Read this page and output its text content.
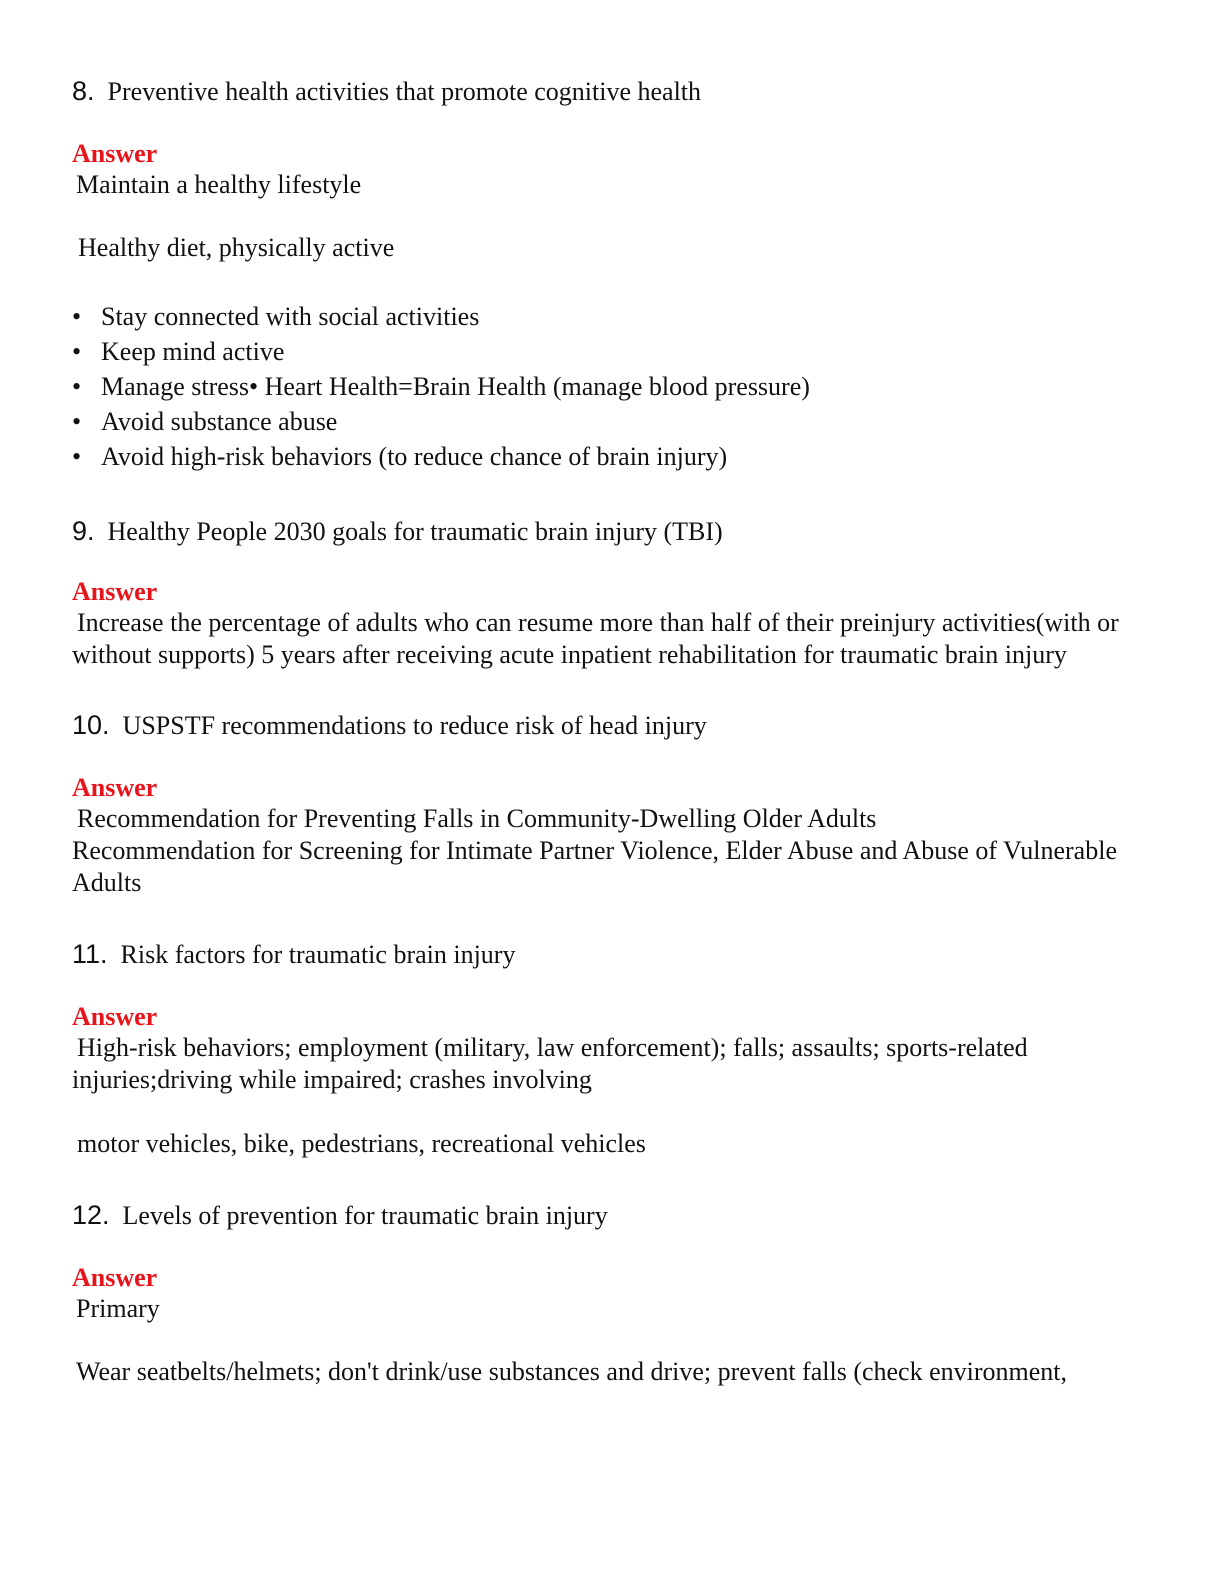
8. Preventive health activities that promote cognitive health

Answer

Maintain a healthy lifestyle

Healthy diet, physically active

• Stay connected with social activities
• Keep mind active
• Manage stress• Heart Health=Brain Health (manage blood pressure)
• Avoid substance abuse
• Avoid high-risk behaviors (to reduce chance of brain injury)

9. Healthy People 2030 goals for traumatic brain injury (TBI)

Answer

Increase the percentage of adults who can resume more than half of their preinjury activities(with or without supports) 5 years after receiving acute inpatient rehabilitation for traumatic brain injury

10. USPSTF recommendations to reduce risk of head injury

Answer

Recommendation for Preventing Falls in Community-Dwelling Older Adults

Recommendation for Screening for Intimate Partner Violence, Elder Abuse and Abuse of Vulnerable Adults

11. Risk factors for traumatic brain injury

Answer

High-risk behaviors; employment (military, law enforcement); falls; assaults; sports-related injuries;driving while impaired; crashes involving

motor vehicles, bike, pedestrians, recreational vehicles

12. Levels of prevention for traumatic brain injury

Answer

Primary

Wear seatbelts/helmets; don't drink/use substances and drive; prevent falls (check environment,
